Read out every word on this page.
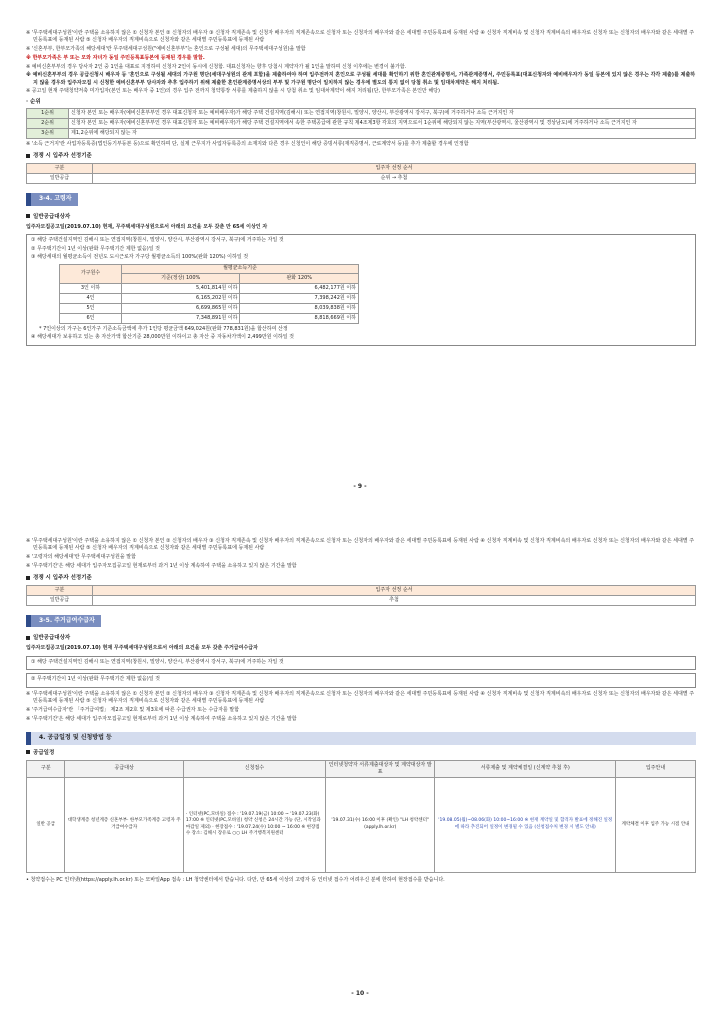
※ '무주택세대구성원'이란 주택을 소유하지 않은 ① 신청자 본인 ② 신청자의 배우자 ③ 신청자 직계존속 및 신청자 배우자의 직계존속으로 신청자 또는 신청자의 배우자와 같은 세대별 주민등록표에 등재된 사람 ④ 신청자 직계비속 및 신청자 직계비속의 배우자로 신청자 또는 신청자의 배우자와 같은 세대별 주민등록표에 등재된 사람 ⑤ 신청자 배우자의 직계비속으로 신청자와 같은 세대별 주민등록표에 등재된 사람

※ '신혼부부, 한부모가족의 해당세대'란 무주택세대구성원("예비신혼부부"는 혼인으로 구성될 세대)의 무주택세대구성원)을 말함

※ 한부모가족은 부 또는 모와 자녀가 동일 주민등록표등본에 등재된 경우를 말함.

※ 예비신혼부부의 경우 당사자 2인 중 1인을 대표로 지정하여 신청자 2인이 동시에 신청함. 대표신청자는 향후 당첨시 계약자가 될 1인을 말하며 신청 이후에는 변경이 불가함.

※ 예비신혼부부의 경우 공급신청시 배우자 등 '혼인으로 구성될 세대의 가구원 명단(세대구성원의 관계 포함)을 제출하여야 하며 입주전까지 혼인으로 구성될 세대를 확인하기 위한 혼인관계증명서, 가족관계증명서, 주민등록표(대표신청자와 예비배우자가 동일 등본에 있지 않은 경우는 각각 제출)를 제출하지 않을 경우와 입주자모집 시 신청한 예비신혼부부 당사자와 추후 입주하기 위해 제출한 혼인관계증명서상의 부부 및 가구원 명단이 일치하지 않는 경우에 별도의 통지 없이 당첨 취소 및 임대차계약은 해지 처리됨.

※ 공고일 현재 주택청약저축 미가입자(본인 또는 배우자 중 1인)의 경우 입주 전까지 청약통장 서류를 제출하지 않을 시 당첨 취소 및 임대차계약이 해지 처리됨(단, 한부모가족은 본인만 해당)

· 순위

1순위	신청자 본인 또는 배우자(예비신혼부부인 경우 대표신청자 또는 예비배우자)가 해당 주택 건설지역(김해시) 또는 연접지역(창원시, 밀양시, 양산시, 부산광역시 강서구, 북구)에 거주하거나 소득 근거지인 자
2순위	신청자 본인 또는 배우자(예비신혼부부인 경우 대표신청자 또는 예비배우자)가 해당 주택 건설지역에서 속한 주택공급에 관한 규칙 제4조제3항 각호의 지역으로서 1순위에 해당되지 않는 지역(부산광역시, 울산광역시 및 경상남도)에 거주하거나 소득 근거지인 자
3순위	제1,2순위에 해당되지 않는 자

※ '소득 근거지'란 사업자등록증(법인등기부등본 등)으로 확인하며 단, 실제 근무지가 사업자등록증의 소재지와 다른 경우 신청인이 해당 증빙서류(재직증명서, 근로계약서 등)를 추가 제출할 경우에 인정함

경쟁 시 입주자 선정기준

구분	입주자 선정 순서
일반공급	순위 → 추첨
3-4. 고령자

일반공급대상자

입주자모집공고일(2019.07.10) 현재, 무주택세대구성원으로서 아래의 요건을 모두 갖춘 만 65세 이상인 자

① 해당 주택건설지역인 김해시 또는 연접지역(창원시, 밀양시, 양산시, 부산광역시 강서구, 북구)에 거주하는 자일 것

② 무주택기간이 1년 이상(완화 무주택기간 제한 없음)일 것

③ 해당세대의 월평균소득이 전년도 도시근로자 가구당 월평균소득의 100%(완화 120%) 이하일 것

가구원수	월평균소득기준	
	기준(정상) 100%	완화 120%
3인 이하	5,401,814원 이하	6,482,177원 이하
4인	6,165,202원 이하	7,398,242원 이하
5인	6,699,865원 이하	8,039,838원 이하
6인	7,348,891원 이하	8,818,669원 이하

* 7인이상의 가구는 6인가구 기준소득금액에 추가 1인당 평균금액 649,024원(완화 778,831원)을 합산하여 산정

④ 해당세대가 보유하고 있는 총 자산가액 합산기준 28,000만원 이하이고 총 자산 중 자동차가액이 2,499만원 이하일 것

- 9 -

※ '무주택세대구성원'이란 주택을 소유하지 않은 ① 신청자 본인 ② 신청자의 배우자 ③ 신청자 직계존속 및 신청자 배우자의 직계존속으로 신청자 또는 신청자의 배우자와 같은 세대별 주민등록표에 등재된 사람 ④ 신청자 직계비속 및 신청자 직계비속의 배우자로 신청자 또는 신청자의 배우자와 같은 세대별 주민등록표에 등재된 사람 ⑤ 신청자 배우자의 직계비속으로 신청자와 같은 세대별 주민등록표에 등재된 사람

※ '고령자의 해당세대'란 무주택세대구성원을 말함

※ '무주택기간'은 해당 세대가 입주자모집공고일 현재로부터 과거 1년 이상 계속하여 주택을 소유하고 있지 않은 기간을 말함

경쟁 시 입주자 선정기준

구분	입주자 선정 순서
일반공급	추첨
3-5. 주거급여수급자

일반공급대상자

입주자모집공고일(2019.07.10) 현재 무주택세대구성원으로서 아래의 요건을 모두 갖춘 주거급여수급자

① 해당 주택건설지역인 김해시 또는 연접지역(창원시, 밀양시, 양산시, 부산광역시 강서구, 북구)에 거주하는 자일 것

② 무주택기간이 1년 이상(완화 무주택기간 제한 없음)일 것

※ '무주택세대구성원'이란 주택을 소유하지 않은 ① 신청자 본인 ② 신청자의 배우자 ③ 신청자 직계존속 및 신청자 배우자의 직계존속으로 신청자 또는 신청자의 배우자와 같은 세대별 주민등록표에 등재된 사람 ④ 신청자 직계비속 및 신청자 직계비속의 배우자로 신청자 또는 신청자의 배우자와 같은 세대별 주민등록표에 등재된 사람 ⑤ 신청자 배우자의 직계비속으로 신청자와 같은 세대별 주민등록표에 등재된 사람

※ '주거급여수급자'란 「주거급여법」 제2조 제2호 및 제3호에 따른 수급권자 또는 수급자를 말함

※ '무주택기간'은 해당 세대가 입주자모집공고일 현재로부터 과거 1년 이상 계속하여 주택을 소유하고 있지 않은 기간을 말함

4. 공급일정 및 신청방법 등

공급일정

구분	공급대상	신청접수	인터넷청약자 서류제출대상자 및 계약대상자 발표	서류제출 및 계약체결일 (신계약 추첨 후)	입주안내
일반 공급	대학생계층 청년계층 신혼부부· 한부모가족계층 고령자 주거급여수급자	· 인터넷(PC,모바일) 접수 : '19.07.19(금) 10:00 ~ '19.07.23(화) 17:00 ※ 인터넷(PC,모바일) 청약 신청은 24시간 가능 (단, 시작일과 마감일 제외) · 현장접수 : '19.07.24(수) 10:00 ~ 16:00 ※ 현장접수 장소: 김해시 장유로 ○○ LH 주거행복지원센터	'19.07.31(수) 16:00 이후 (확인) "LH 청약센터" (apply.lh.or.kr)	'19.08.05(월)~08.06(화) 10:00~16:00 ※ 현재 계약일 및 합격자 발표에 정해진 일정에 따라 추진되어 일정이 변경될 수 있음 (신청접수처 변경 시 별도 안내)	계약체결 이후 입주 가능 시점 안내

• 청약접수는 PC 인터넷(https://apply.lh.or.kr) 또는 모바일App 접속 : LH 청약센터에서 받습니다. 다만, 만 65세 이상의 고령자 등 인터넷 접수가 어려우신 분에 한하여 현장접수를 받습니다.

- 10 -
